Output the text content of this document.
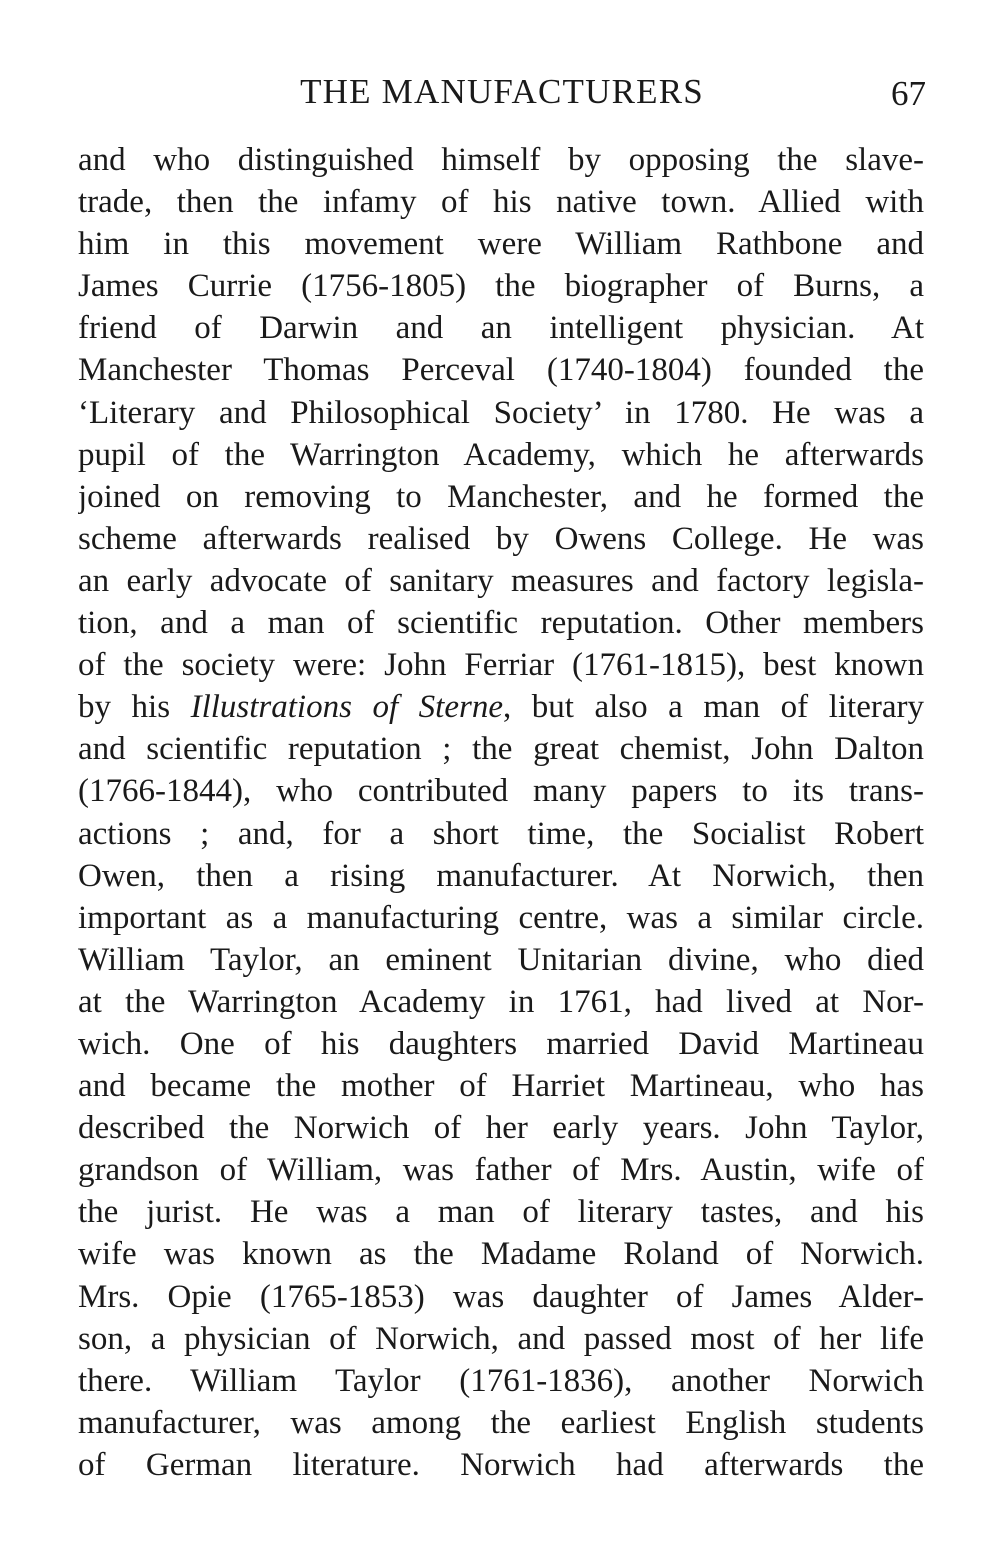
THE MANUFACTURERS	67
and who distinguished himself by opposing the slave-
trade, then the infamy of his native town. Allied with
him in this movement were William Rathbone and
James Currie (1756-1805) the biographer of Burns, a
friend of Darwin and an intelligent physician. At
Manchester Thomas Perceval (1740-1804) founded the
‘Literary and Philosophical Society’ in 1780. He was a
pupil of the Warrington Academy, which he afterwards
joined on removing to Manchester, and he formed the
scheme afterwards realised by Owens College. He was
an early advocate of sanitary measures and factory legisla-
tion, and a man of scientific reputation. Other members
of the society were: John Ferriar (1761-1815), best known
by his Illustrations of Sterne, but also a man of literary
and scientific reputation ; the great chemist, John Dalton
(1766-1844), who contributed many papers to its trans-
actions ; and, for a short time, the Socialist Robert
Owen, then a rising manufacturer. At Norwich, then
important as a manufacturing centre, was a similar circle.
William Taylor, an eminent Unitarian divine, who died
at the Warrington Academy in 1761, had lived at Nor-
wich. One of his daughters married David Martineau
and became the mother of Harriet Martineau, who has
described the Norwich of her early years. John Taylor,
grandson of William, was father of Mrs. Austin, wife of
the jurist. He was a man of literary tastes, and his
wife was known as the Madame Roland of Norwich.
Mrs. Opie (1765-1853) was daughter of James Alder-
son, a physician of Norwich, and passed most of her life
there. William Taylor (1761-1836), another Norwich
manufacturer, was among the earliest English students
of German literature. Norwich had afterwards the
